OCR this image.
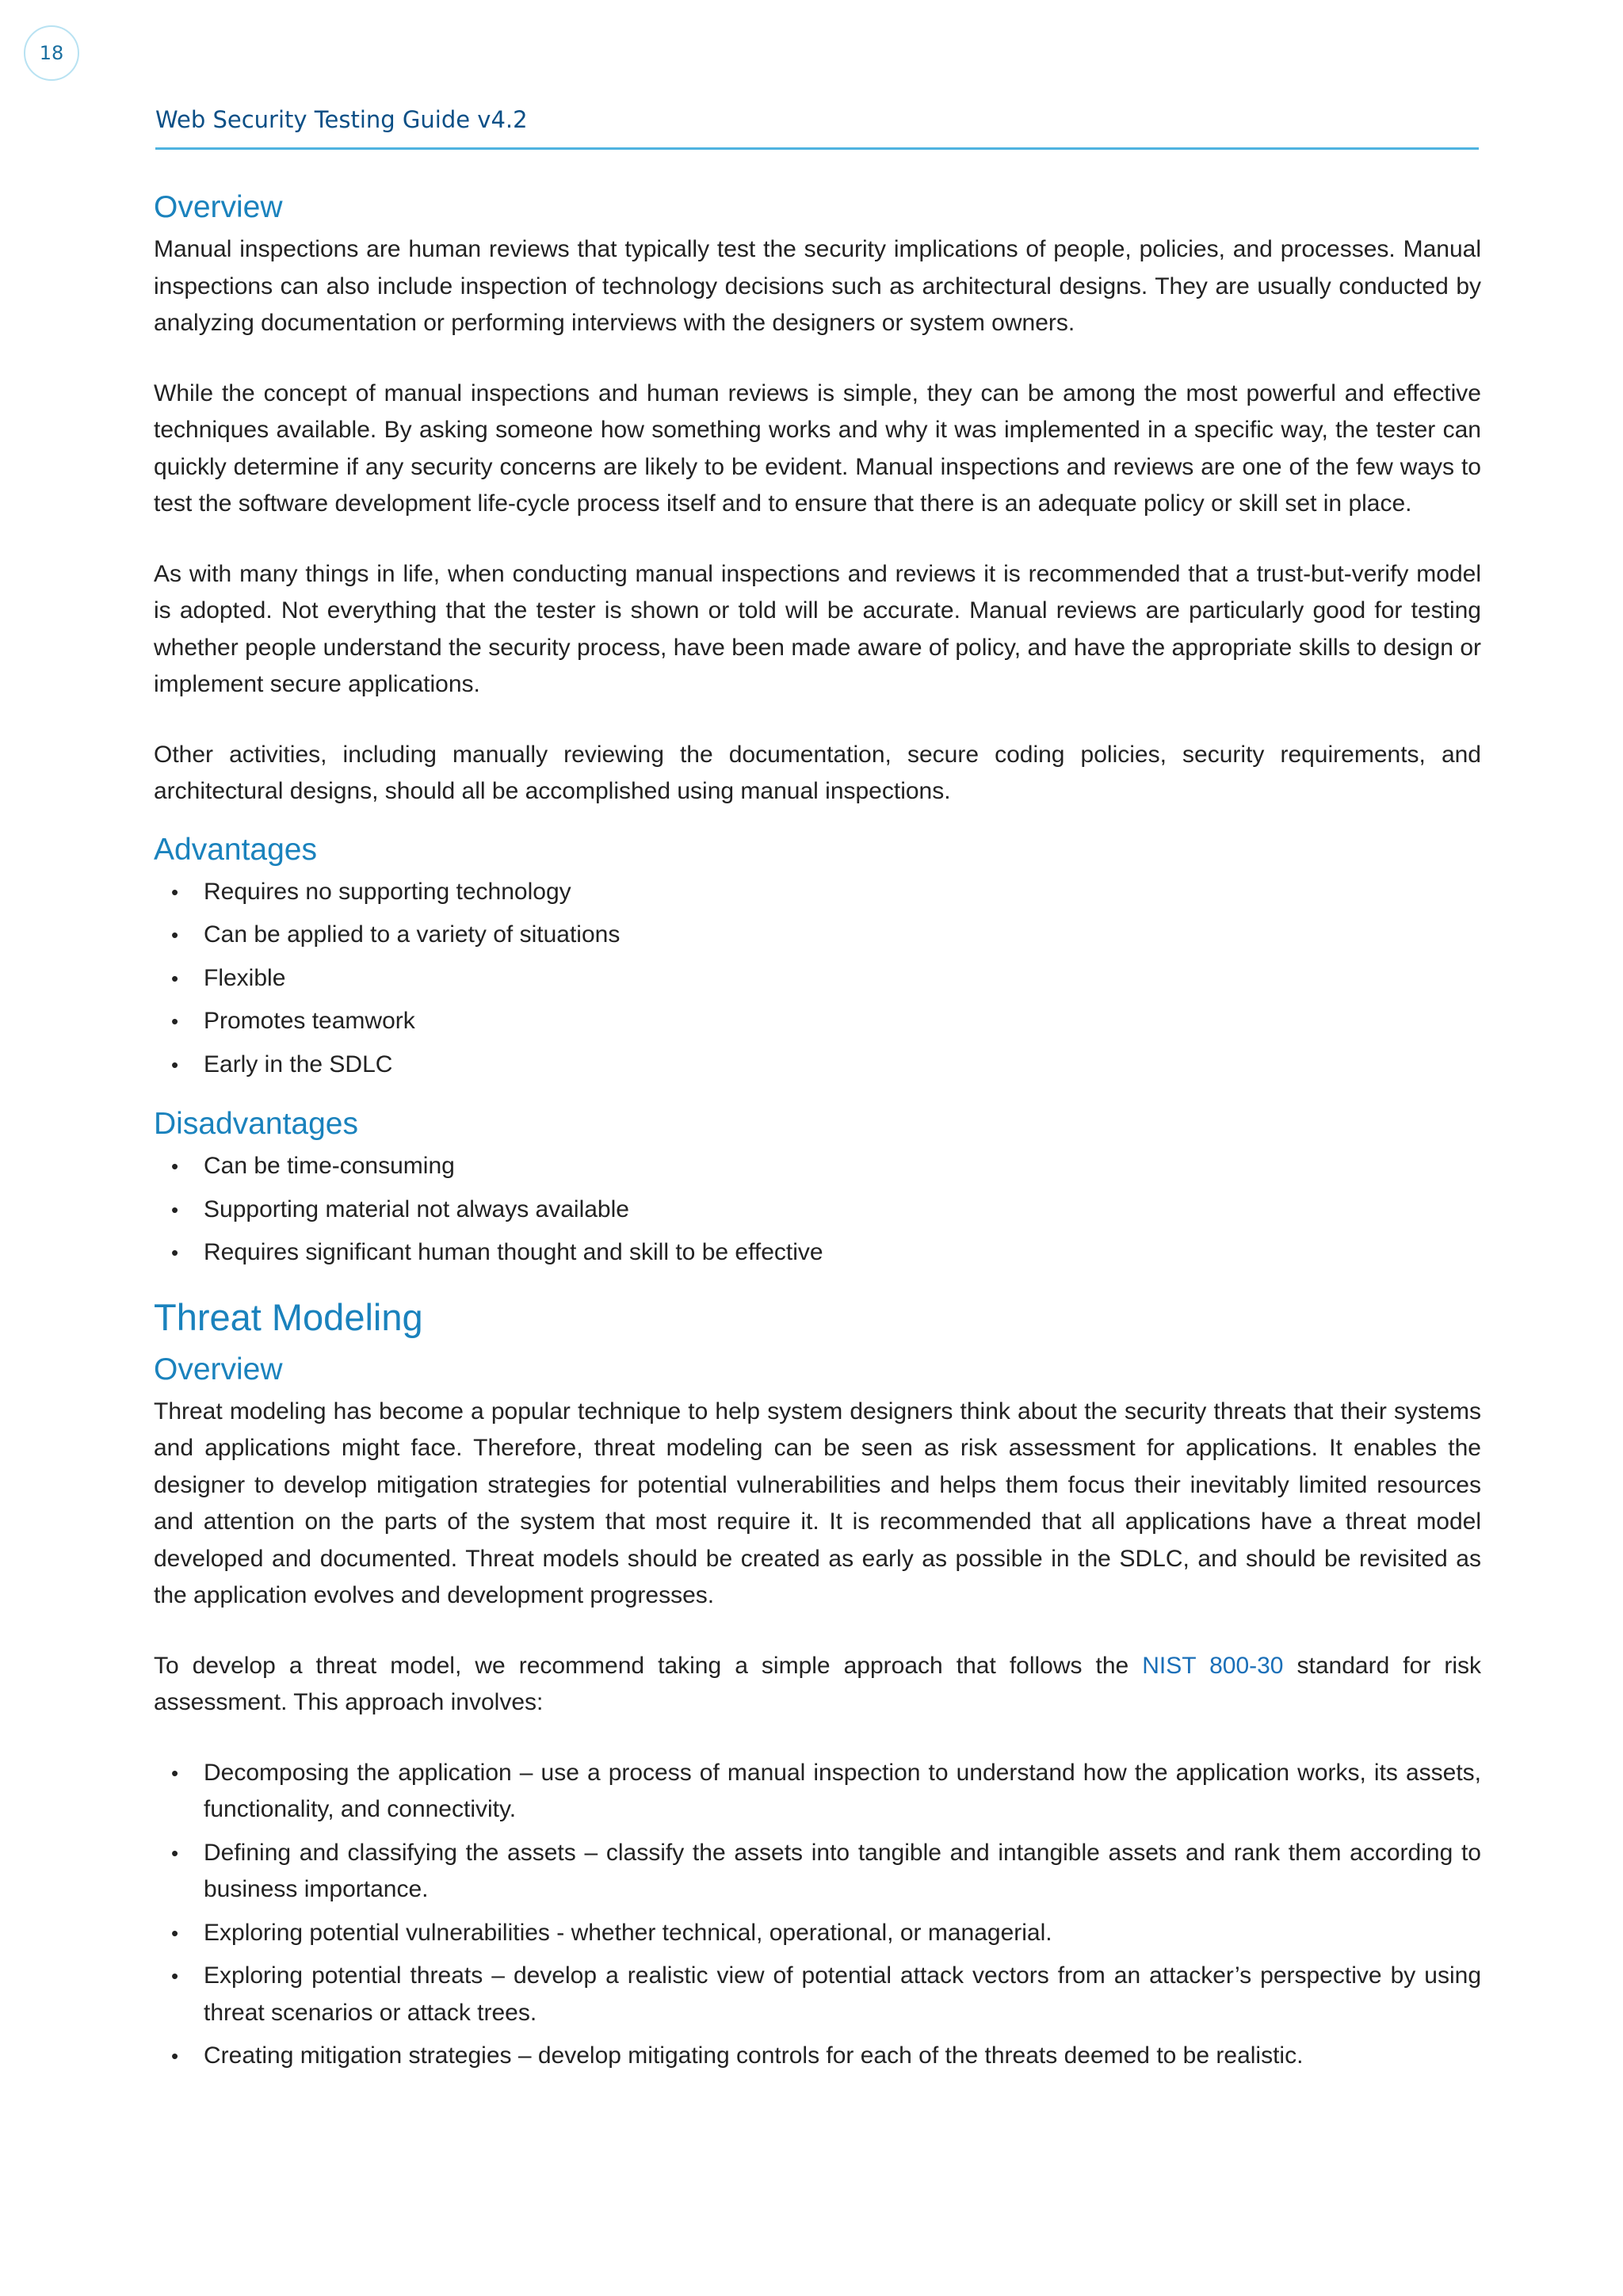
18
Web Security Testing Guide v4.2
Overview

Manual inspections are human reviews that typically test the security implications of people, policies, and processes. Manual inspections can also include inspection of technology decisions such as architectural designs. They are usually conducted by analyzing documentation or performing interviews with the designers or system owners.

While the concept of manual inspections and human reviews is simple, they can be among the most powerful and effective techniques available. By asking someone how something works and why it was implemented in a specific way, the tester can quickly determine if any security concerns are likely to be evident. Manual inspections and reviews are one of the few ways to test the software development life-cycle process itself and to ensure that there is an adequate policy or skill set in place.

As with many things in life, when conducting manual inspections and reviews it is recommended that a trust-but-verify model is adopted. Not everything that the tester is shown or told will be accurate. Manual reviews are particularly good for testing whether people understand the security process, have been made aware of policy, and have the appropriate skills to design or implement secure applications.

Other activities, including manually reviewing the documentation, secure coding policies, security requirements, and architectural designs, should all be accomplished using manual inspections.

Advantages
• Requires no supporting technology
• Can be applied to a variety of situations
• Flexible
• Promotes teamwork
• Early in the SDLC
Disadvantages
• Can be time-consuming
• Supporting material not always available
• Requires significant human thought and skill to be effective
Threat Modeling
Overview

Threat modeling has become a popular technique to help system designers think about the security threats that their systems and applications might face. Therefore, threat modeling can be seen as risk assessment for applications. It enables the designer to develop mitigation strategies for potential vulnerabilities and helps them focus their inevitably limited resources and attention on the parts of the system that most require it. It is recommended that all applications have a threat model developed and documented. Threat models should be created as early as possible in the SDLC, and should be revisited as the application evolves and development progresses.

To develop a threat model, we recommend taking a simple approach that follows the NIST 800-30 standard for risk assessment. This approach involves:

• Decomposing the application – use a process of manual inspection to understand how the application works, its assets, functionality, and connectivity.
• Defining and classifying the assets – classify the assets into tangible and intangible assets and rank them according to business importance.
• Exploring potential vulnerabilities - whether technical, operational, or managerial.
• Exploring potential threats – develop a realistic view of potential attack vectors from an attacker’s perspective by using threat scenarios or attack trees.
• Creating mitigation strategies – develop mitigating controls for each of the threats deemed to be realistic.
